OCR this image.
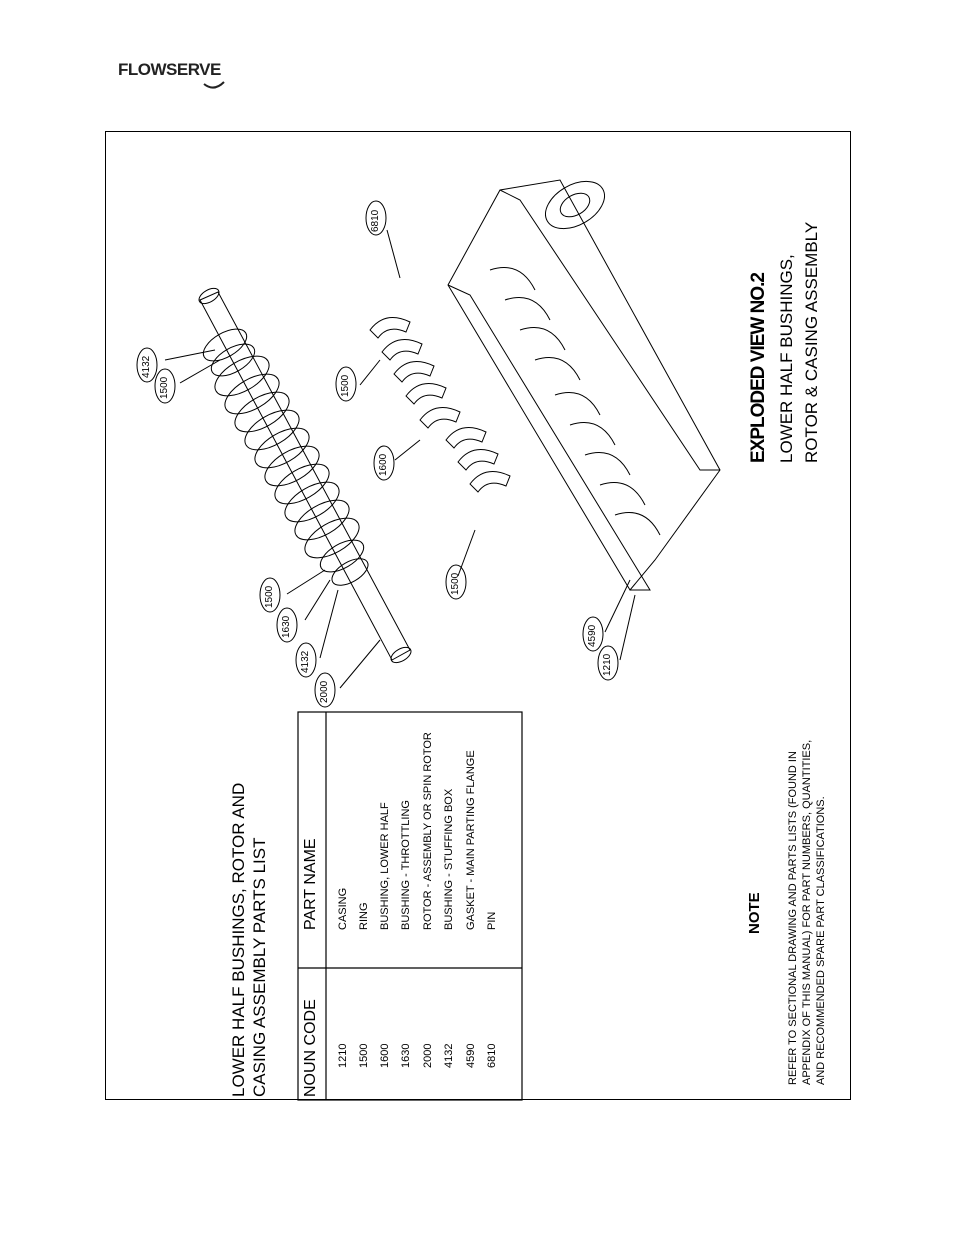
FLOWSERVE
LOWER HALF BUSHINGS, ROTOR AND CASING ASSEMBLY PARTS LIST NOUN CODE
PART NAME
1210 1500 1600 1630 2000 4132 4590 6810
CASING RING BUSHING, LOWER HALF BUSHING - THROTTLING ROTOR - ASSEMBLY OR SPIN ROTOR BUSHING - STUFFING BOX GASKET - MAIN PARTING FLANGE PIN	NOTE REFER TO SECTIONAL DRAWING AND PARTS LISTS (FOUND IN APPENDIX OF THIS MANUAL) FOR PART NUMBERS, QUANTITIES, AND RECOMMENDED SPARE PART CLASSIFICATIONS.
EXPLODED VIEW NO.2 LOWER HALF BUSHINGS, ROTOR & CASING ASSEMBLY
6810
4132
1500	1500
1600
1500
1500
1630
4132
2000
4590
1210
